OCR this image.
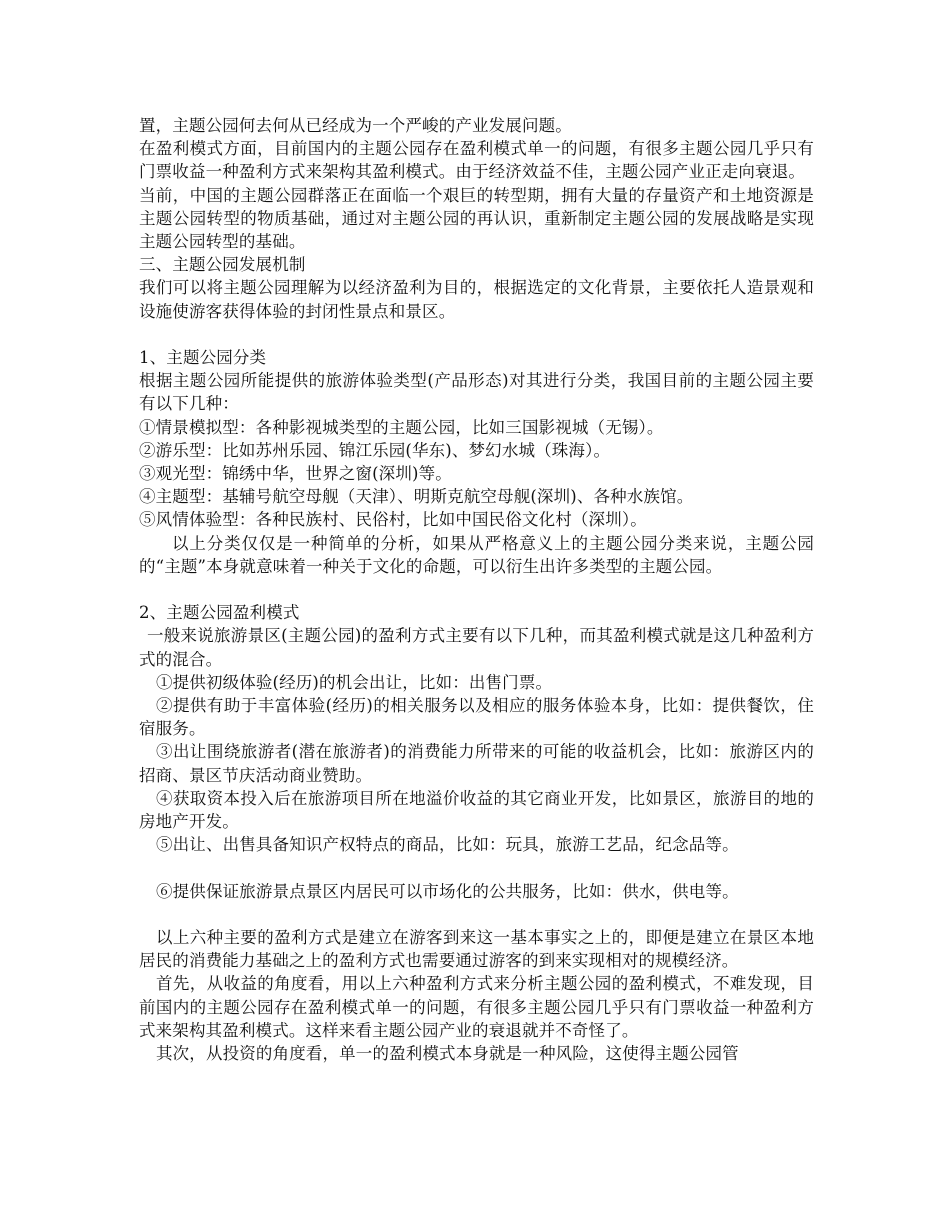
置，主题公园何去何从已经成为一个严峻的产业发展问题。

在盈利模式方面，目前国内的主题公园存在盈利模式单一的问题，有很多主题公园几乎只有门票收益一种盈利方式来架构其盈利模式。由于经济效益不佳，主题公园产业正走向衰退。

当前，中国的主题公园群落正在面临一个艰巨的转型期，拥有大量的存量资产和土地资源是主题公园转型的物质基础，通过对主题公园的再认识，重新制定主题公园的发展战略是实现主题公园转型的基础。

三、主题公园发展机制

我们可以将主题公园理解为以经济盈利为目的，根据选定的文化背景，主要依托人造景观和设施使游客获得体验的封闭性景点和景区。

1、主题公园分类

根据主题公园所能提供的旅游体验类型(产品形态)对其进行分类，我国目前的主题公园主要有以下几种：

①情景模拟型：各种影视城类型的主题公园，比如三国影视城（无锡）。

②游乐型：比如苏州乐园、锦江乐园(华东)、梦幻水城（珠海）。

③观光型：锦绣中华，世界之窗(深圳)等。

④主题型：基辅号航空母舰（天津）、明斯克航空母舰(深圳)、各种水族馆。

⑤风情体验型：各种民族村、民俗村，比如中国民俗文化村（深圳）。

以上分类仅仅是一种简单的分析，如果从严格意义上的主题公园分类来说，主题公园的“主题”本身就意味着一种关于文化的命题，可以衍生出许多类型的主题公园。

2、主题公园盈利模式

一般来说旅游景区(主题公园)的盈利方式主要有以下几种，而其盈利模式就是这几种盈利方式的混合。

①提供初级体验(经历)的机会出让，比如：出售门票。

②提供有助于丰富体验(经历)的相关服务以及相应的服务体验本身，比如：提供餐饮，住宿服务。

③出让围绕旅游者(潜在旅游者)的消费能力所带来的可能的收益机会，比如：旅游区内的招商、景区节庆活动商业赞助。

④获取资本投入后在旅游项目所在地溢价收益的其它商业开发，比如景区，旅游目的地的房地产开发。

⑤出让、出售具备知识产权特点的商品，比如：玩具，旅游工艺品，纪念品等。

⑥提供保证旅游景点景区内居民可以市场化的公共服务，比如：供水，供电等。

以上六种主要的盈利方式是建立在游客到来这一基本事实之上的，即便是建立在景区本地居民的消费能力基础之上的盈利方式也需要通过游客的到来实现相对的规模经济。

首先，从收益的角度看，用以上六种盈利方式来分析主题公园的盈利模式，不难发现，目前国内的主题公园存在盈利模式单一的问题，有很多主题公园几乎只有门票收益一种盈利方式来架构其盈利模式。这样来看主题公园产业的衰退就并不奇怪了。

其次，从投资的角度看，单一的盈利模式本身就是一种风险，这使得主题公园管
